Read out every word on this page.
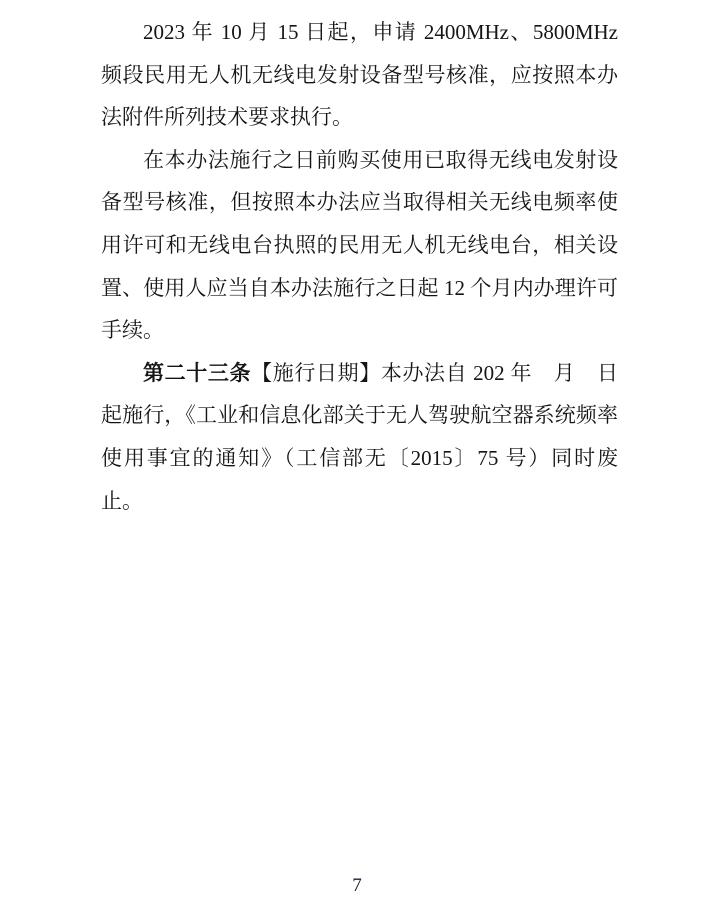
2023 年 10 月 15 日起，申请 2400MHz、5800MHz 频段民用无人机无线电发射设备型号核准，应按照本办法附件所列技术要求执行。

在本办法施行之日前购买使用已取得无线电发射设备型号核准，但按照本办法应当取得相关无线电频率使用许可和无线电台执照的民用无人机无线电台，相关设置、使用人应当自本办法施行之日起 12 个月内办理许可手续。

第二十三条【施行日期】本办法自 202 年　月　日起施行，《工业和信息化部关于无人驾驶航空器系统频率使用事宜的通知》（工信部无〔2015〕75 号）同时废止。

7
